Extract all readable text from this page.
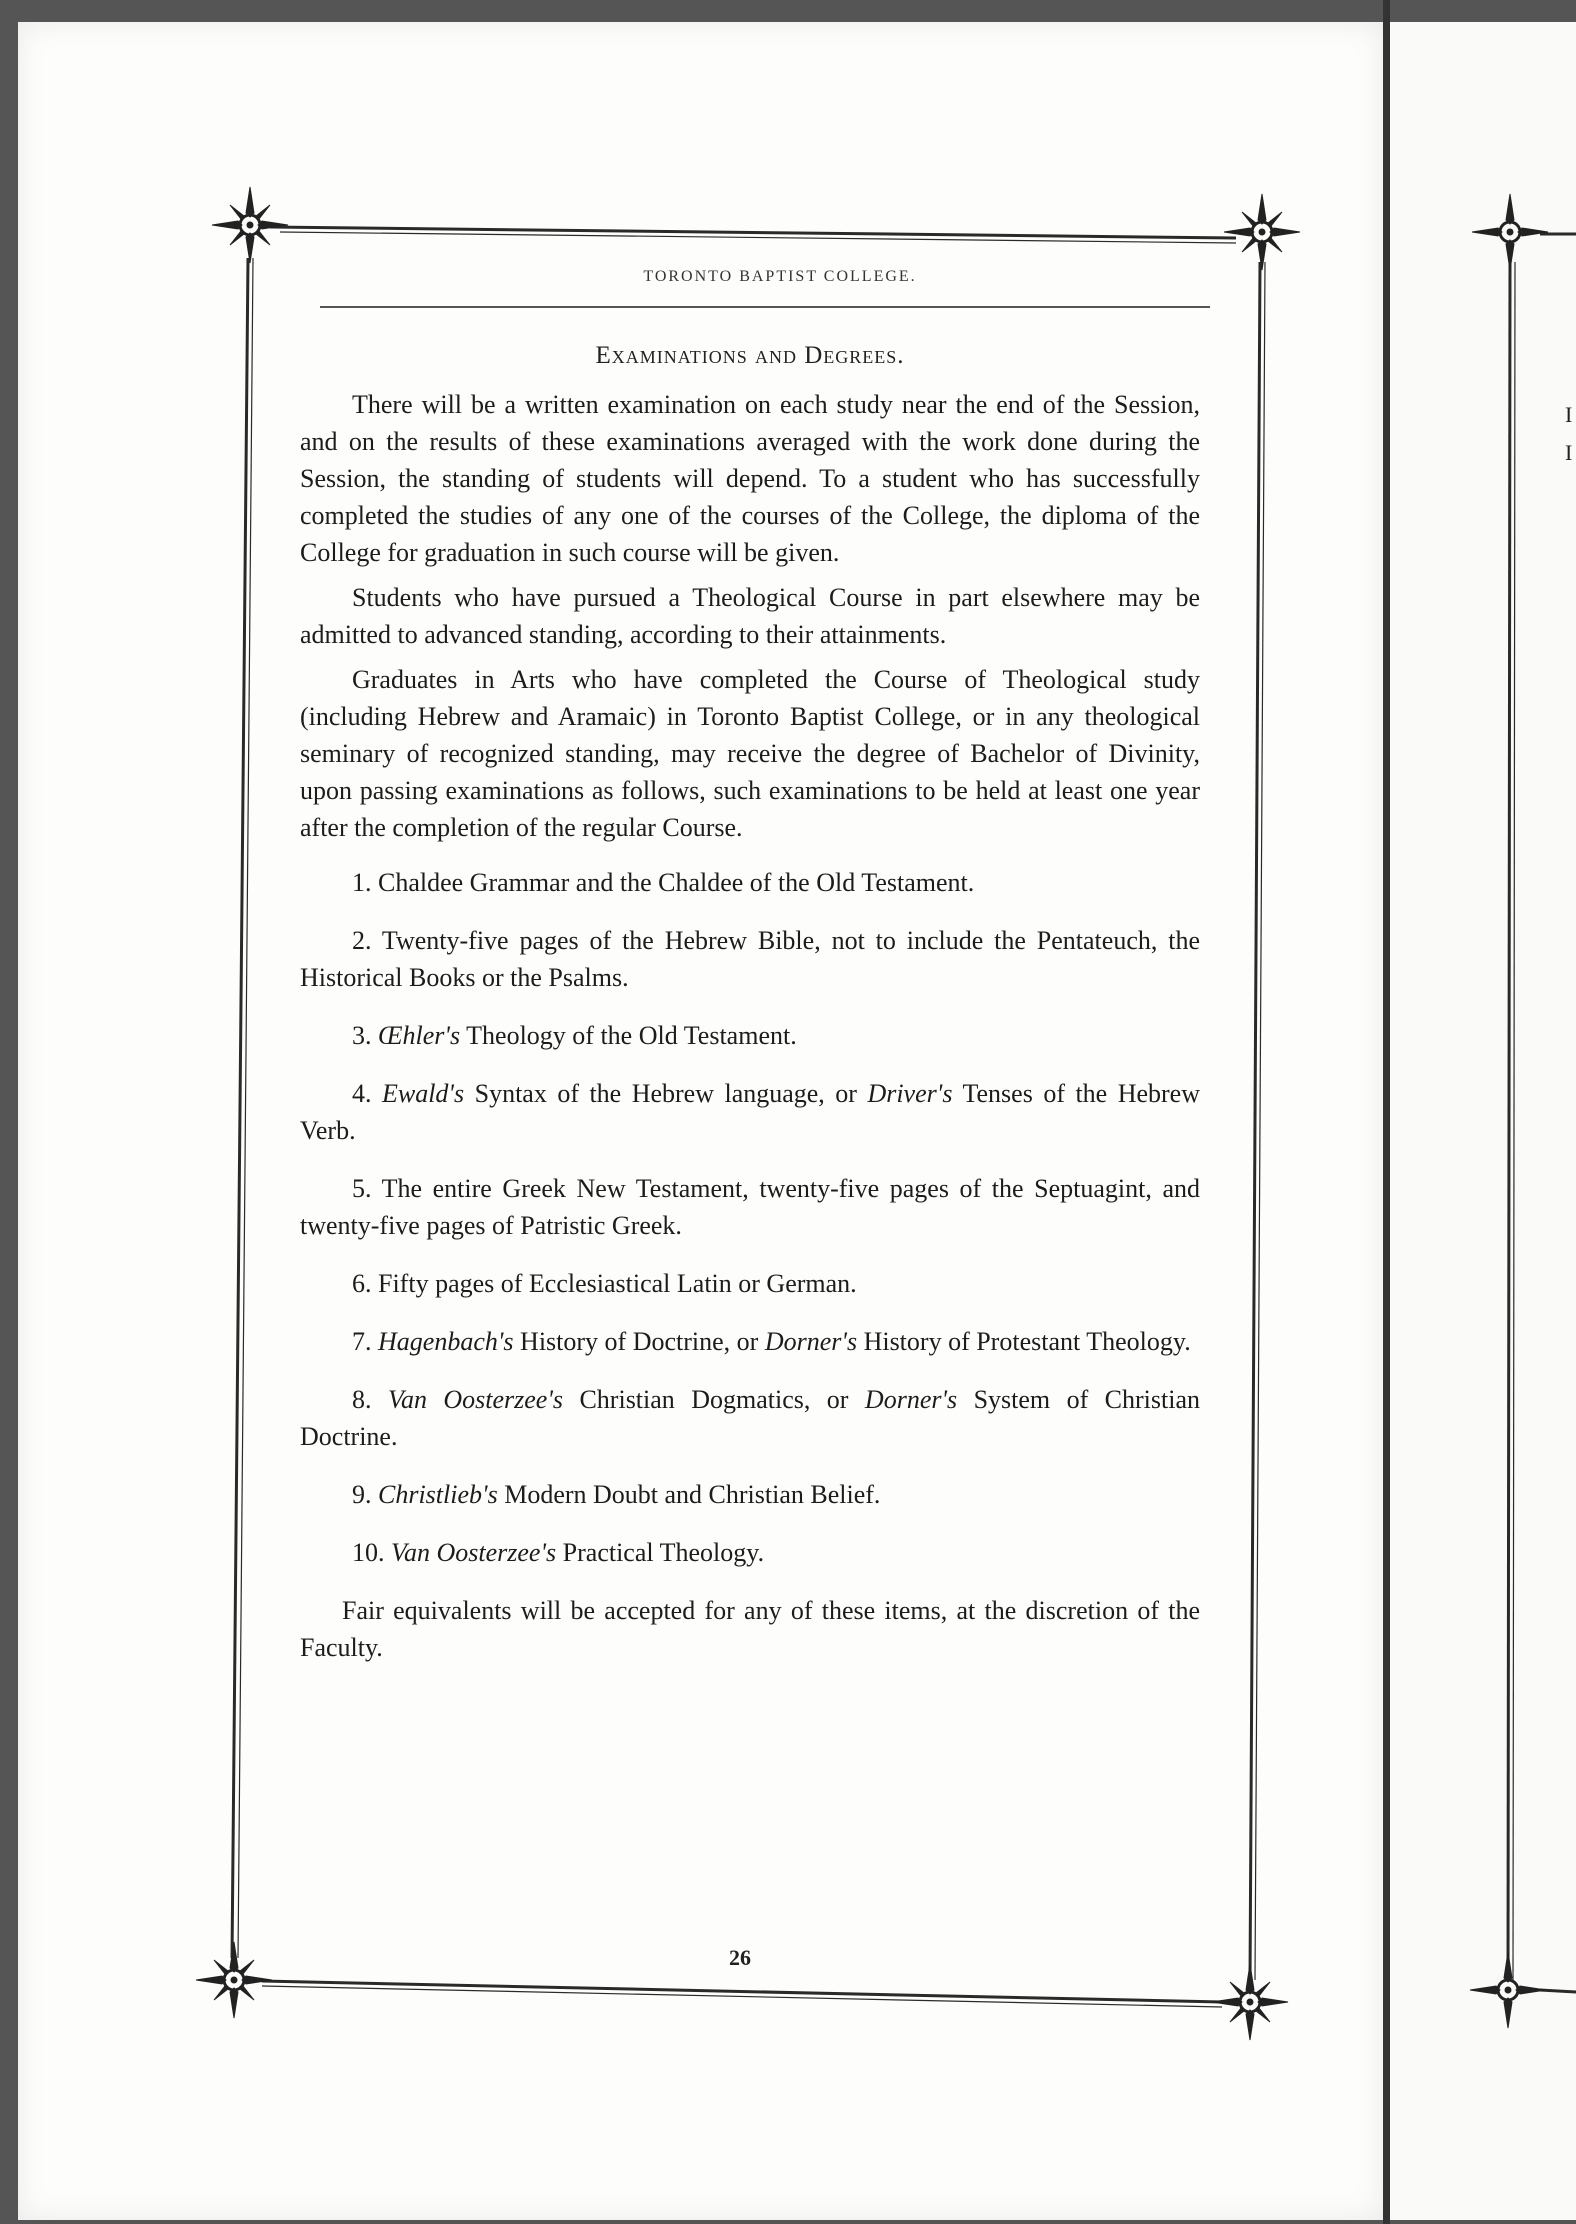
TORONTO BAPTIST COLLEGE.
Examinations and Degrees.

There will be a written examination on each study near the end of the Session, and on the results of these examinations averaged with the work done during the Session, the standing of students will depend. To a student who has successfully completed the studies of any one of the courses of the College, the diploma of the College for graduation in such course will be given.

Students who have pursued a Theological Course in part elsewhere may be admitted to advanced standing, according to their attainments.

Graduates in Arts who have completed the Course of Theological study (including Hebrew and Aramaic) in Toronto Baptist College, or in any theological seminary of recognized standing, may receive the degree of Bachelor of Divinity, upon passing examinations as follows, such examinations to be held at least one year after the completion of the regular Course.

1. Chaldee Grammar and the Chaldee of the Old Testament.
2. Twenty-five pages of the Hebrew Bible, not to include the Pentateuch, the Historical Books or the Psalms.
3. Œhler's Theology of the Old Testament.
4. Ewald's Syntax of the Hebrew language, or Driver's Tenses of the Hebrew Verb.
5. The entire Greek New Testament, twenty-five pages of the Septuagint, and twenty-five pages of Patristic Greek.
6. Fifty pages of Ecclesiastical Latin or German.
7. Hagenbach's History of Doctrine, or Dorner's History of Protestant Theology.
8. Van Oosterzee's Christian Dogmatics, or Dorner's System of Christian Doctrine.
9. Christlieb's Modern Doubt and Christian Belief.
10. Van Oosterzee's Practical Theology.
Fair equivalents will be accepted for any of these items, at the discretion of the Faculty.
26
I
I
